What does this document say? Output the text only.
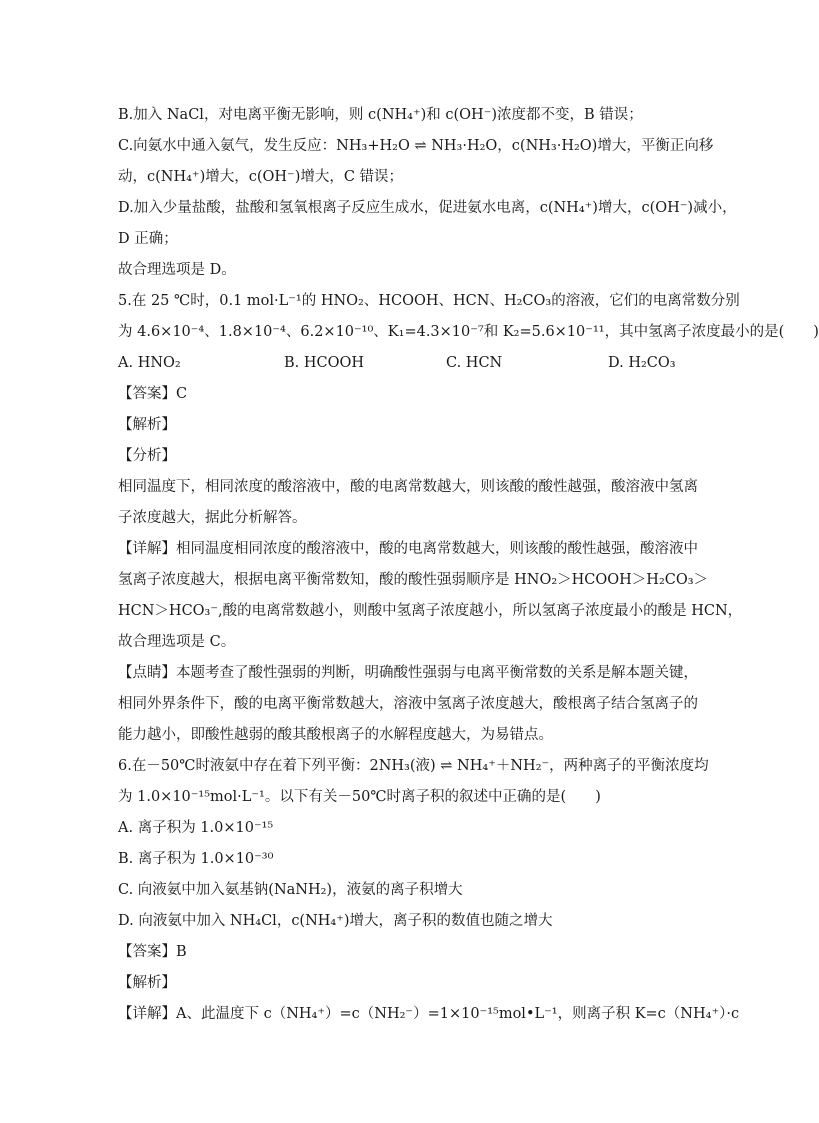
B.加入 NaCl，对电离平衡无影响，则 c(NH₄⁺)和 c(OH⁻)浓度都不变，B 错误；
C.向氨水中通入氨气，发生反应：NH₃+H₂O ⇌ NH₃·H₂O，c(NH₃·H₂O)增大，平衡正向移
动，c(NH₄⁺)增大，c(OH⁻)增大，C 错误；
D.加入少量盐酸，盐酸和氢氧根离子反应生成水，促进氨水电离，c(NH₄⁺)增大，c(OH⁻)减小，
D 正确；
故合理选项是 D。
5.在 25 ℃时，0.1 mol·L⁻¹的 HNO₂、HCOOH、HCN、H₂CO₃的溶液，它们的电离常数分别
为 4.6×10⁻⁴、1.8×10⁻⁴、6.2×10⁻¹⁰、K₁=4.3×10⁻⁷和 K₂=5.6×10⁻¹¹，其中氢离子浓度最小的是(　　)
A. HNO₂	B. HCOOH	C. HCN	D. H₂CO₃
【答案】C
【解析】
【分析】
相同温度下，相同浓度的酸溶液中，酸的电离常数越大，则该酸的酸性越强，酸溶液中氢离
子浓度越大，据此分析解答。
【详解】相同温度相同浓度的酸溶液中，酸的电离常数越大，则该酸的酸性越强，酸溶液中
氢离子浓度越大，根据电离平衡常数知，酸的酸性强弱顺序是 HNO₂＞HCOOH＞H₂CO₃＞
HCN＞HCO₃⁻,酸的电离常数越小，则酸中氢离子浓度越小，所以氢离子浓度最小的酸是 HCN，
故合理选项是 C。
【点睛】本题考查了酸性强弱的判断，明确酸性强弱与电离平衡常数的关系是解本题关键，
相同外界条件下，酸的电离平衡常数越大，溶液中氢离子浓度越大，酸根离子结合氢离子的
能力越小，即酸性越弱的酸其酸根离子的水解程度越大，为易错点。
6.在－50℃时液氨中存在着下列平衡：2NH₃(液) ⇌ NH₄⁺＋NH₂⁻，两种离子的平衡浓度均
为 1.0×10⁻¹⁵mol·L⁻¹。以下有关－50℃时离子积的叙述中正确的是(　　)
A. 离子积为 1.0×10⁻¹⁵
B. 离子积为 1.0×10⁻³⁰
C. 向液氨中加入氨基钠(NaNH₂)，液氨的离子积增大
D. 向液氨中加入 NH₄Cl，c(NH₄⁺)增大，离子积的数值也随之增大
【答案】B
【解析】
【详解】A、此温度下 c（NH₄⁺）=c（NH₂⁻）=1×10⁻¹⁵mol•L⁻¹，则离子积 K=c（NH₄⁺）·c
